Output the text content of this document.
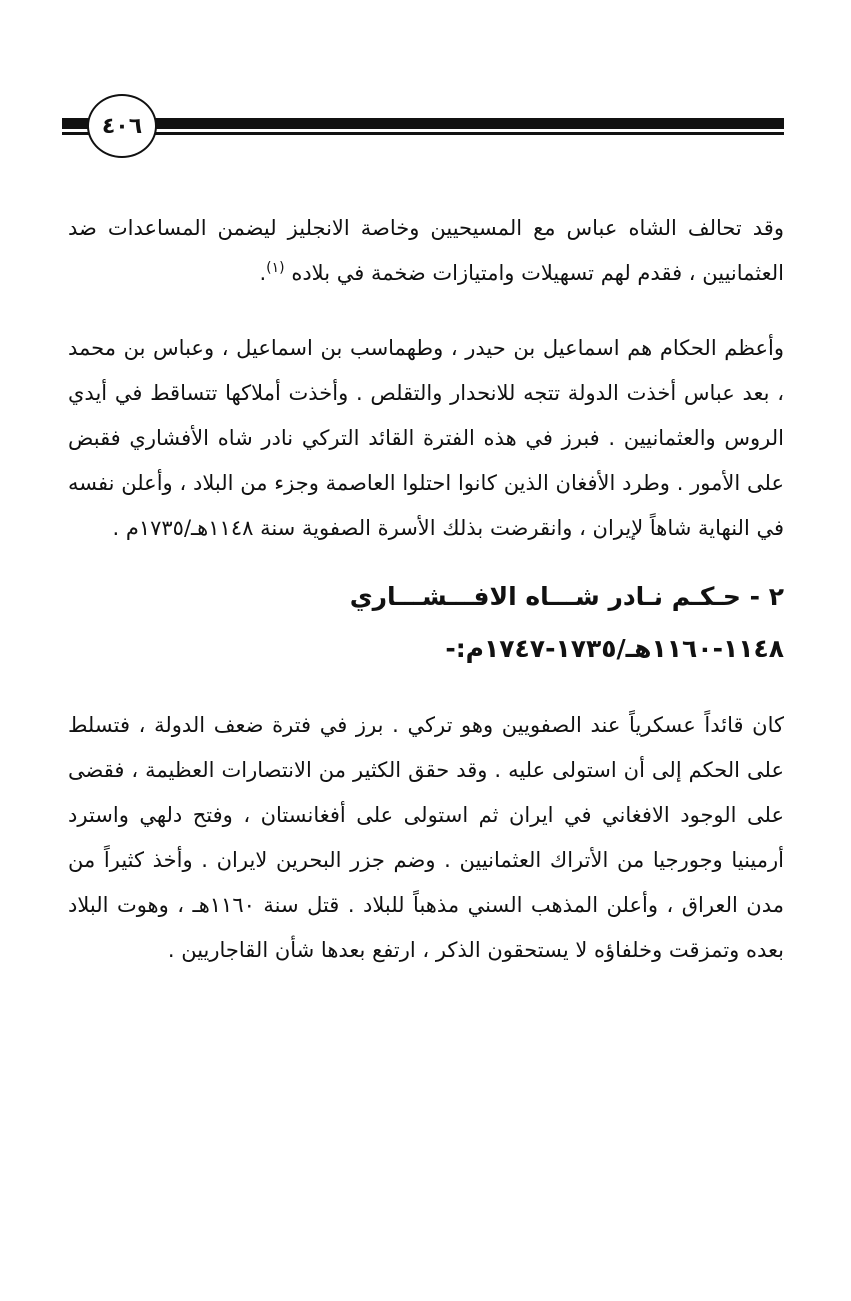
٤٠٦

وقد تحالف الشاه عباس مع المسيحيين وخاصة الانجليز ليضمن المساعدات ضد العثمانيين ، فقدم لهم تسهيلات وامتيازات ضخمة في بلاده $^{(١)}$.

وأعظم الحكام هم اسماعيل بن حيدر ، وطهماسب بن اسماعيل ، وعباس بن محمد ، بعد عباس أخذت الدولة تتجه للانحدار والتقلص . وأخذت أملاكها تتساقط في أيدي الروس والعثمانيين . فبرز في هذه الفترة القائد التركي نادر شاه الأفشاري فقبض على الأمور . وطرد الأفغان الذين كانوا احتلوا العاصمة وجزء من البلاد ، وأعلن نفسه في النهاية شاهاً لإيران ، وانقرضت بذلك الأسرة الصفوية سنة ١١٤٨هـ/١٧٣٥م .

٢ - حـكـم نـادر شـــاه الافـــشـــاري

١١٤٨-١١٦٠هـ/١٧٣٥-١٧٤٧م:-

كان قائداً عسكرياً عند الصفويين وهو تركي . برز في فترة ضعف الدولة ، فتسلط على الحكم إلى أن استولى عليه . وقد حقق الكثير من الانتصارات العظيمة ، فقضى على الوجود الافغاني في ايران ثم استولى على أفغانستان ، وفتح دلهي واسترد أرمينيا وجورجيا من الأتراك العثمانيين . وضم جزر البحرين لايران . وأخذ كثيراً من مدن العراق ، وأعلن المذهب السني مذهباً للبلاد . قتل سنة ١١٦٠هـ ، وهوت البلاد بعده وتمزقت وخلفاؤه لا يستحقون الذكر ، ارتفع بعدها شأن القاجاريين .
